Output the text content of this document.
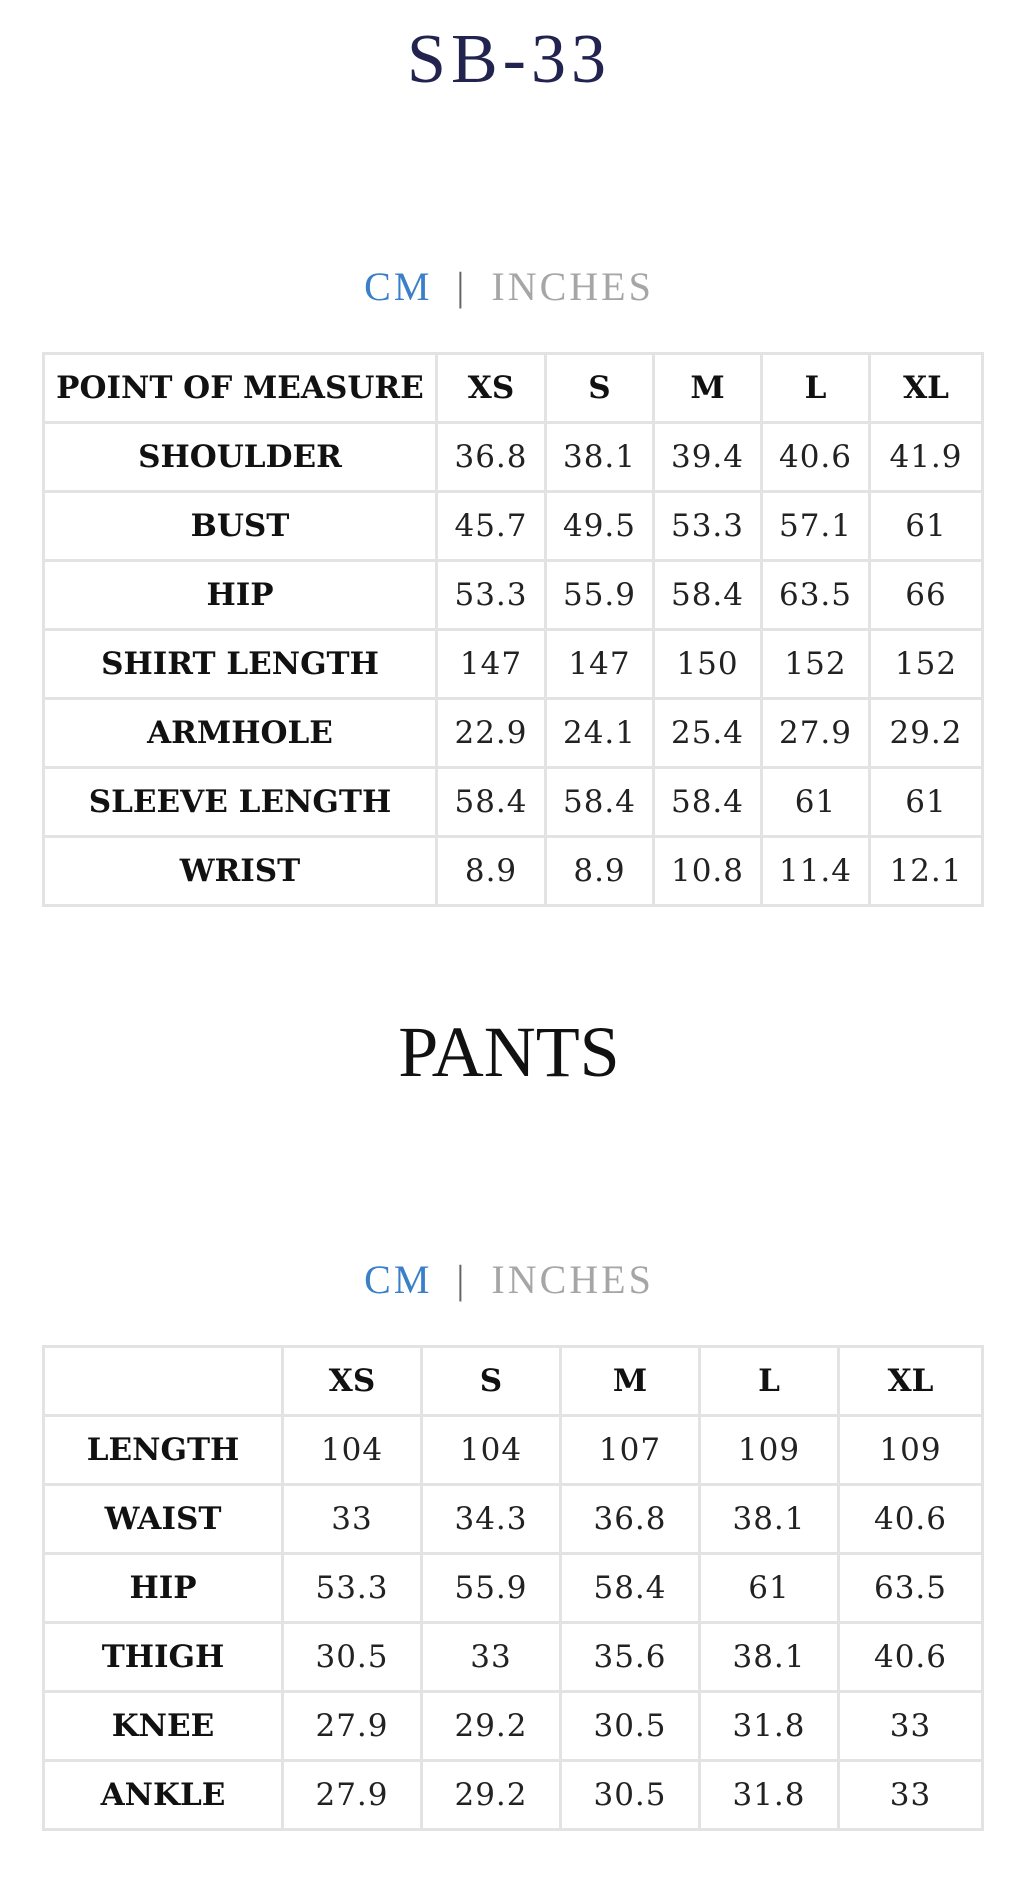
SB-33
CM | INCHES
POINT OF MEASURE	XS	S	M	L	XL
SHOULDER	36.8	38.1	39.4	40.6	41.9
BUST	45.7	49.5	53.3	57.1	61
HIP	53.3	55.9	58.4	63.5	66
SHIRT LENGTH	147	147	150	152	152
ARMHOLE	22.9	24.1	25.4	27.9	29.2
SLEEVE LENGTH	58.4	58.4	58.4	61	61
WRIST	8.9	8.9	10.8	11.4	12.1
PANTS
CM | INCHES
	XS	S	M	L	XL
LENGTH	104	104	107	109	109
WAIST	33	34.3	36.8	38.1	40.6
HIP	53.3	55.9	58.4	61	63.5
THIGH	30.5	33	35.6	38.1	40.6
KNEE	27.9	29.2	30.5	31.8	33
ANKLE	27.9	29.2	30.5	31.8	33
